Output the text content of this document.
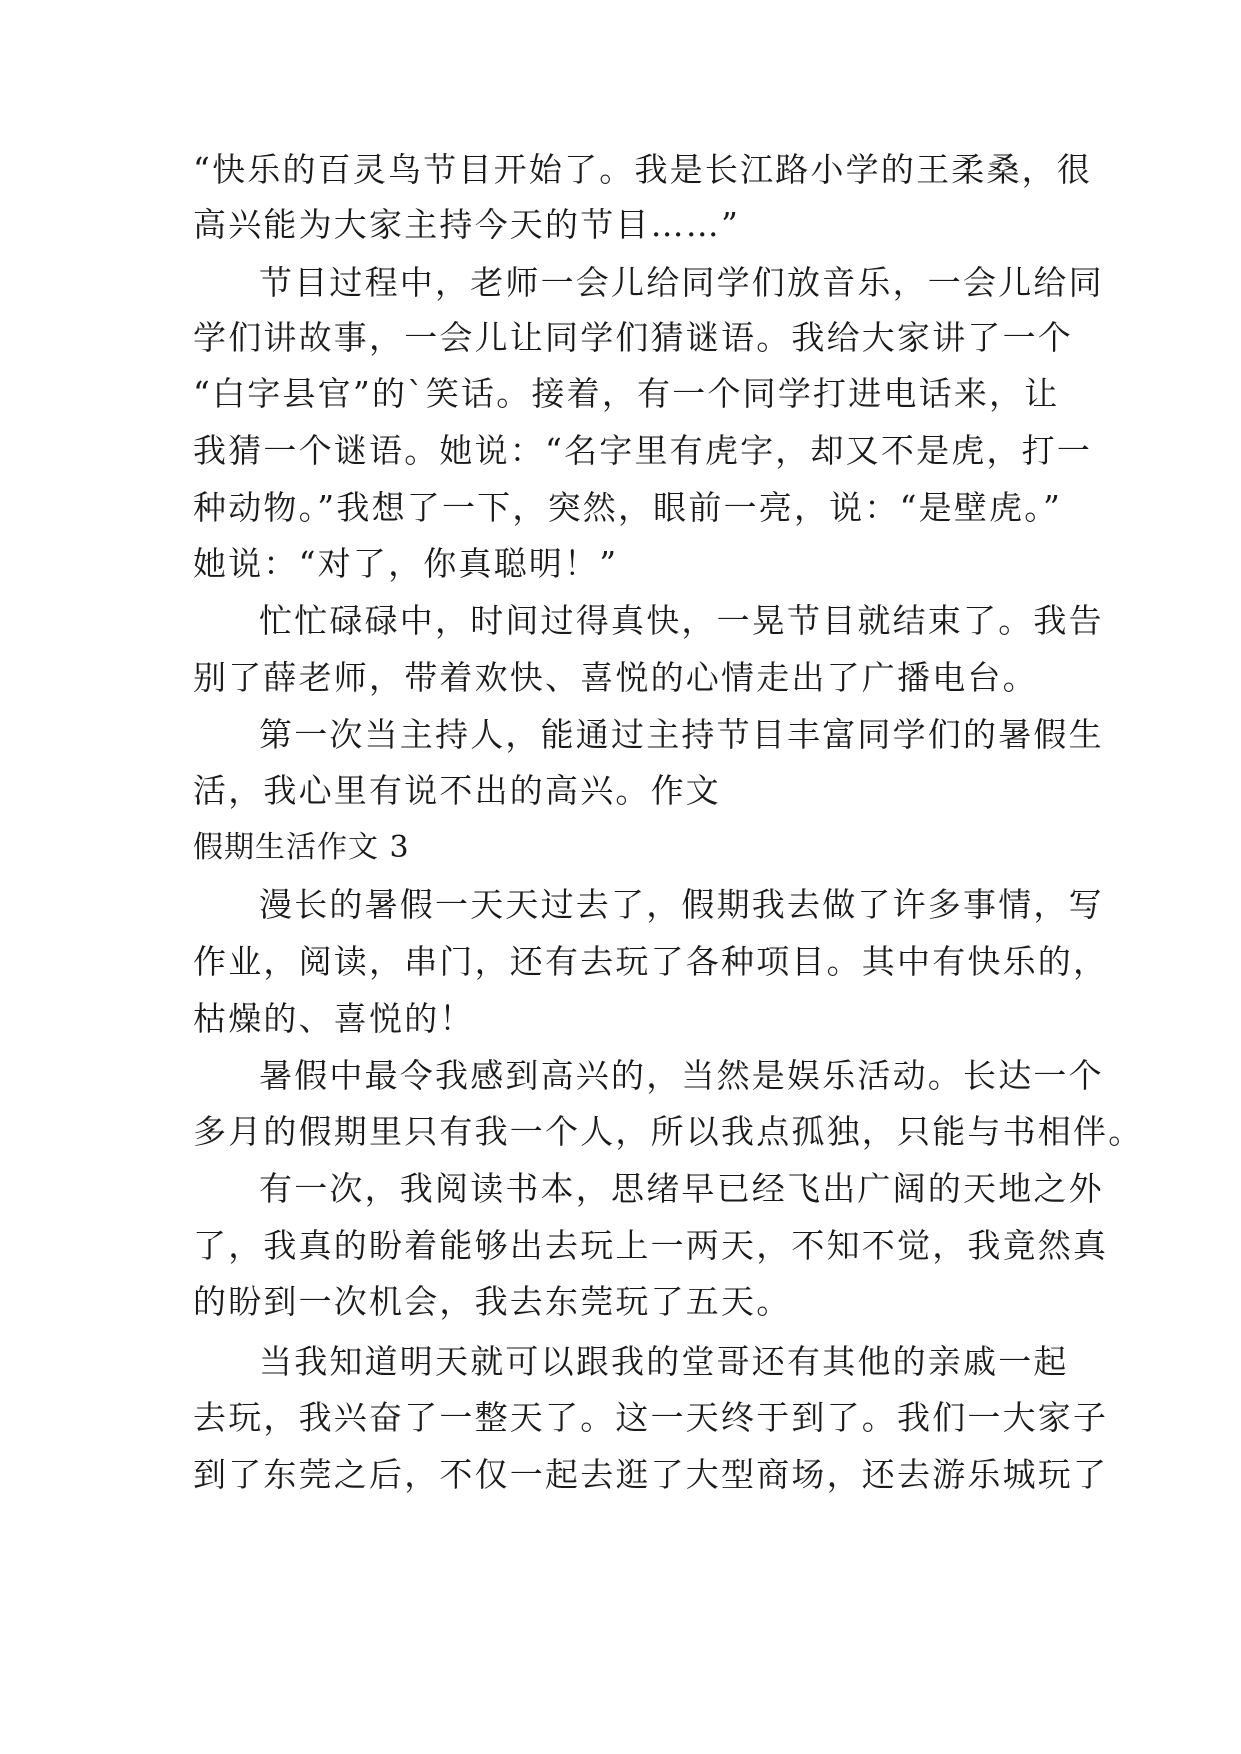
“快乐的百灵鸟节目开始了。我是长江路小学的王柔桑，很
高兴能为大家主持今天的节目……”
节目过程中，老师一会儿给同学们放音乐，一会儿给同
学们讲故事，一会儿让同学们猜谜语。我给大家讲了一个
“白字县官”的`笑话。接着，有一个同学打进电话来，让
我猜一个谜语。她说：“名字里有虎字，却又不是虎，打一
种动物。”我想了一下，突然，眼前一亮，说：“是壁虎。”
她说：“对了，你真聪明！”
忙忙碌碌中，时间过得真快，一晃节目就结束了。我告
别了薛老师，带着欢快、喜悦的心情走出了广播电台。
第一次当主持人，能通过主持节目丰富同学们的暑假生
活，我心里有说不出的高兴。作文
假期生活作文 3
漫长的暑假一天天过去了，假期我去做了许多事情，写
作业，阅读，串门，还有去玩了各种项目。其中有快乐的，
枯燥的、喜悦的！
暑假中最令我感到高兴的，当然是娱乐活动。长达一个
多月的假期里只有我一个人，所以我点孤独，只能与书相伴。
有一次，我阅读书本，思绪早已经飞出广阔的天地之外
了，我真的盼着能够出去玩上一两天，不知不觉，我竟然真
的盼到一次机会，我去东莞玩了五天。
当我知道明天就可以跟我的堂哥还有其他的亲戚一起
去玩，我兴奋了一整天了。这一天终于到了。我们一大家子
到了东莞之后，不仅一起去逛了大型商场，还去游乐城玩了
